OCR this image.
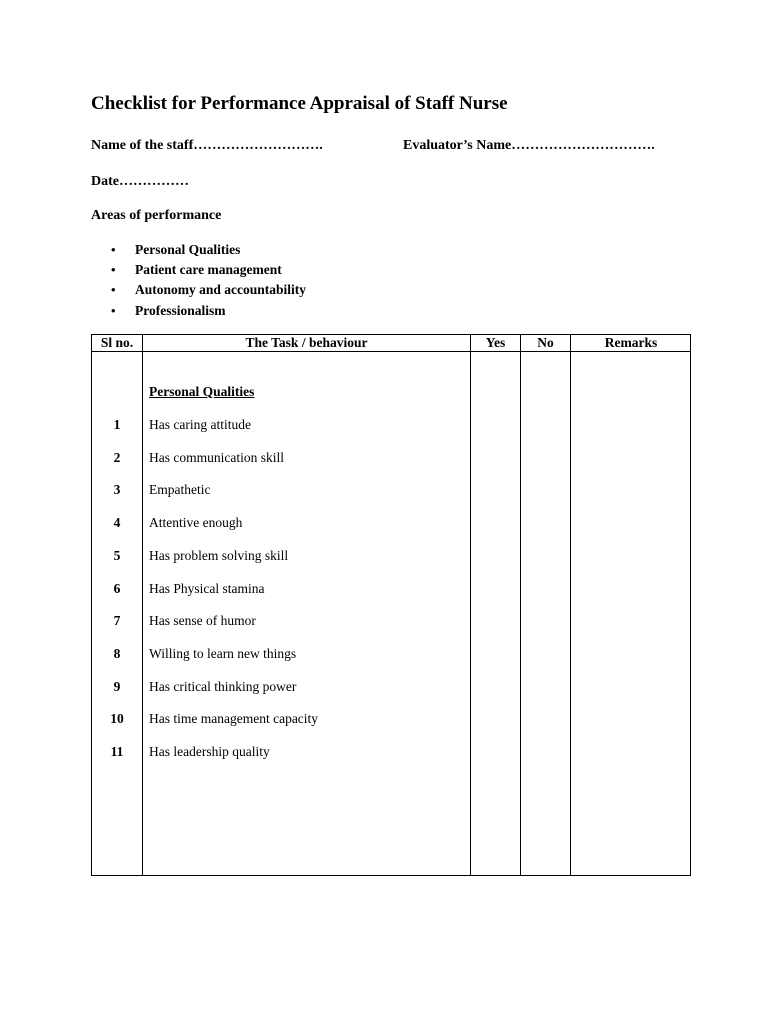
Checklist for Performance Appraisal of Staff Nurse
Name of the staff……………………….	Evaluator’s Name………………………….
Date……………
Areas of performance
• Personal Qualities
• Patient care management
• Autonomy and accountability
• Professionalism
Sl no.	The Task / behaviour	Yes	No	Remarks
Personal Qualities
1	Has caring attitude
2	Has communication skill
3	Empathetic
4	Attentive enough
5	Has problem solving skill
6	Has Physical stamina
7	Has sense of humor
8	Willing to learn new things
9	Has critical thinking power
10	Has time management capacity
11	Has leadership quality
